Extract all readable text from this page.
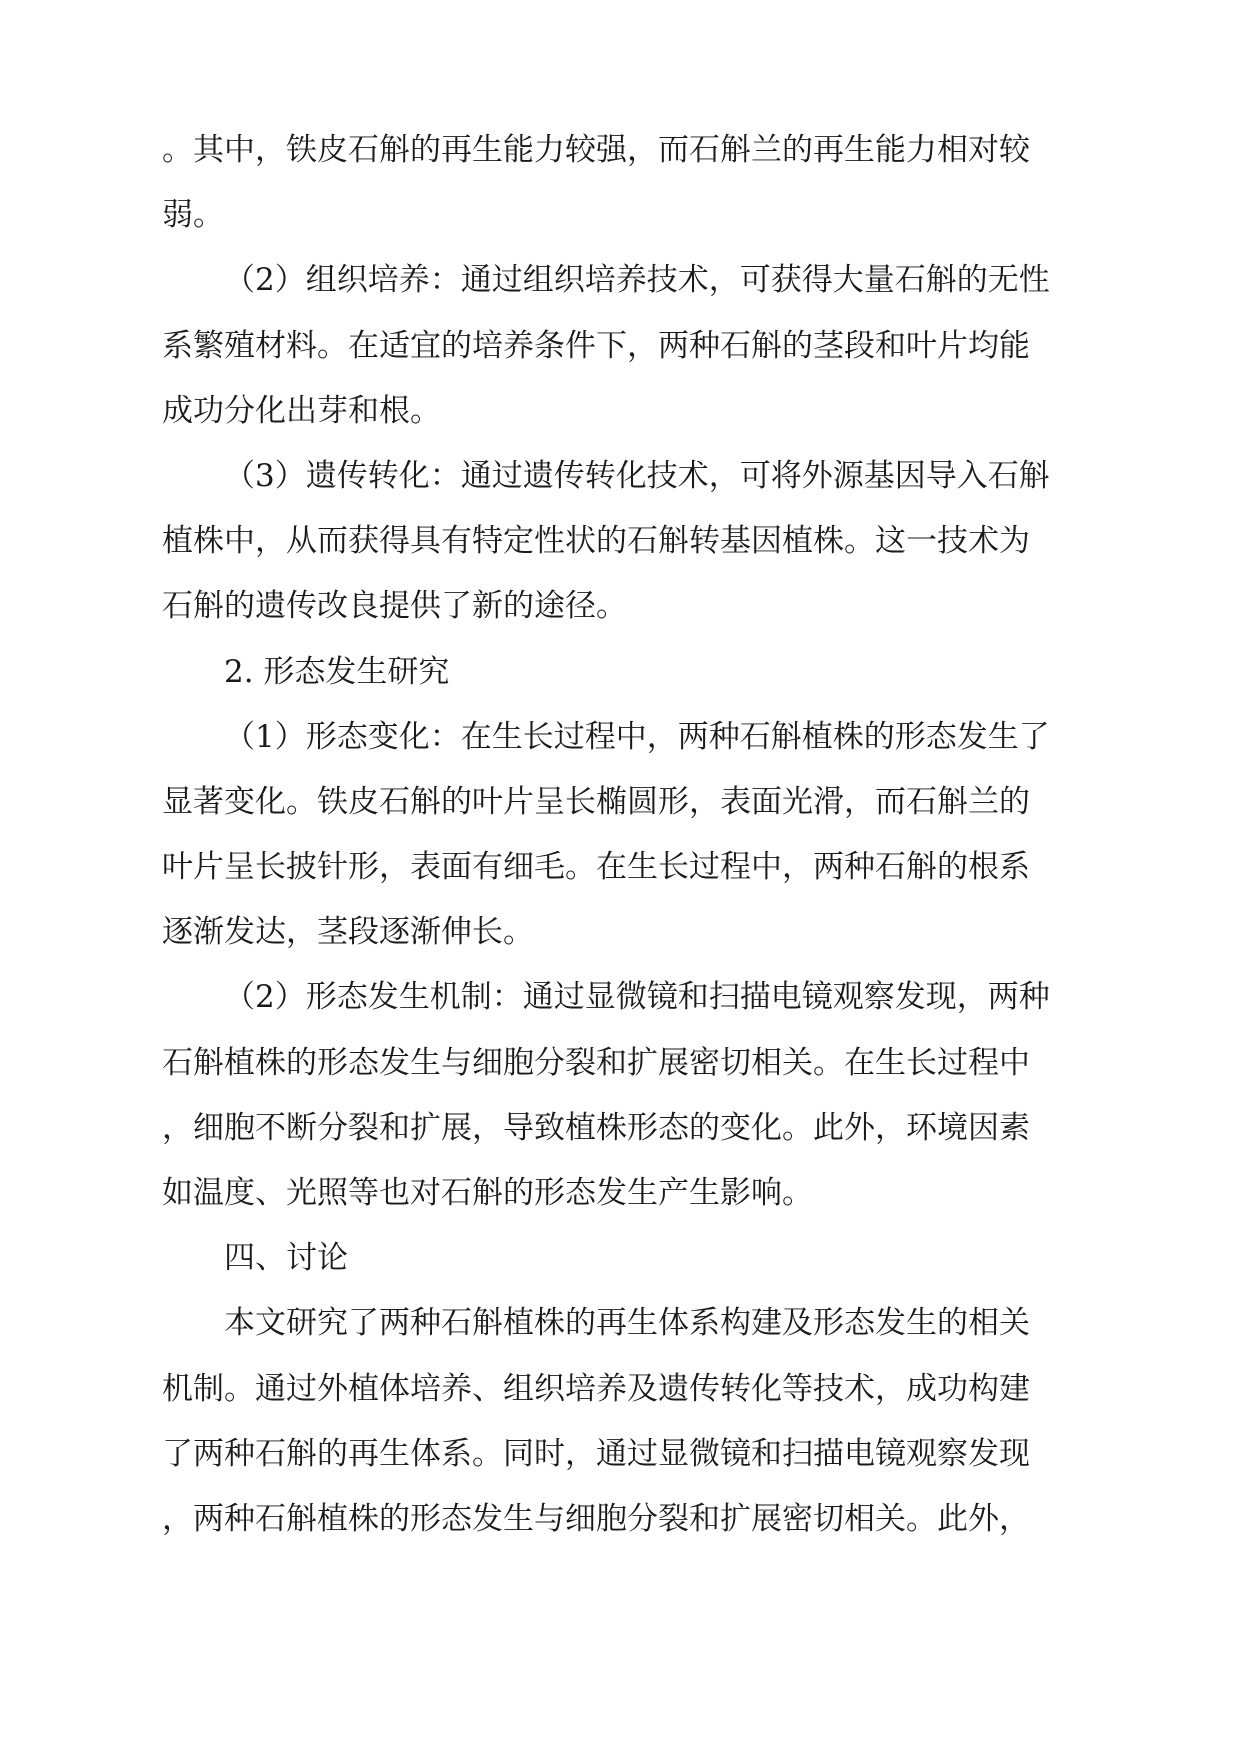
。其中，铁皮石斛的再生能力较强，而石斛兰的再生能力相对较
弱。
（2）组织培养：通过组织培养技术，可获得大量石斛的无性
系繁殖材料。在适宜的培养条件下，两种石斛的茎段和叶片均能
成功分化出芽和根。
（3）遗传转化：通过遗传转化技术，可将外源基因导入石斛
植株中，从而获得具有特定性状的石斛转基因植株。这一技术为
石斛的遗传改良提供了新的途径。
2. 形态发生研究
（1）形态变化：在生长过程中，两种石斛植株的形态发生了
显著变化。铁皮石斛的叶片呈长椭圆形，表面光滑，而石斛兰的
叶片呈长披针形，表面有细毛。在生长过程中，两种石斛的根系
逐渐发达，茎段逐渐伸长。
（2）形态发生机制：通过显微镜和扫描电镜观察发现，两种
石斛植株的形态发生与细胞分裂和扩展密切相关。在生长过程中
，细胞不断分裂和扩展，导致植株形态的变化。此外，环境因素
如温度、光照等也对石斛的形态发生产生影响。
四、讨论
本文研究了两种石斛植株的再生体系构建及形态发生的相关
机制。通过外植体培养、组织培养及遗传转化等技术，成功构建
了两种石斛的再生体系。同时，通过显微镜和扫描电镜观察发现
，两种石斛植株的形态发生与细胞分裂和扩展密切相关。此外，
